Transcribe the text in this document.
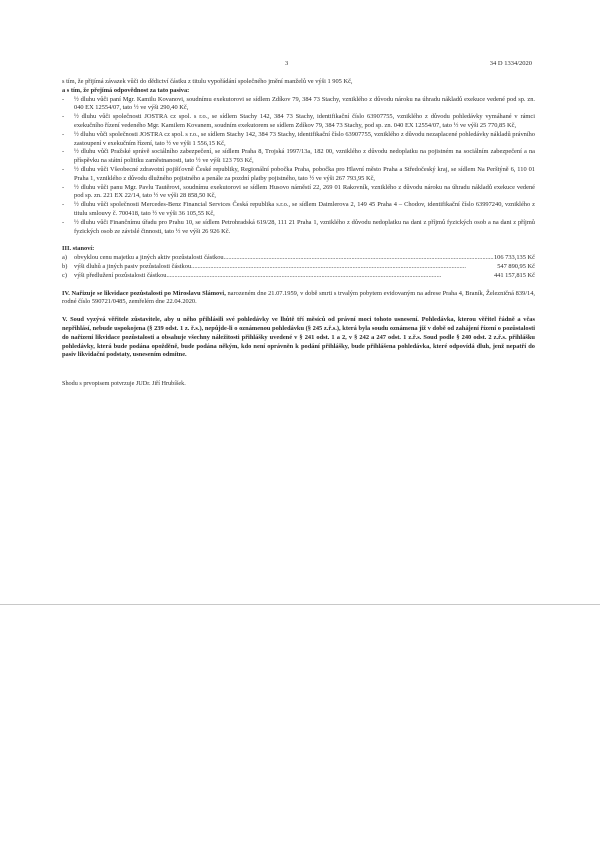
3	34 D 1334/2020

s tím, že přijímá závazek vůči do dědictví částku z titulu vypořádání společného jmění manželů ve výši 1 905 Kč,

a s tím, že přejímá odpovědnost za tato pasiva:

- ½ dluhu vůči paní Mgr. Kamilu Kovanovi, soudnímu exekutorovi se sídlem Zdíkov 79, 384 73 Stachy, vzniklého z důvodu nároku na úhradu nákladů exekuce vedené pod sp. zn. 040 EX 12554/07, tato ½ ve výši 290,40 Kč,
- ½ dluhu vůči společnosti JOSTRA cz spol. s r.o., se sídlem Stachy 142, 384 73 Stachy, identifikační číslo 63907755, vzniklého z důvodu pohledávky vymáhané v rámci exekučního řízení vedeného Mgr. Kamilem Kovanem, soudním exekutorem se sídlem Zdíkov 79, 384 73 Stachy, pod sp. zn. 040 EX 12554/07, tato ½ ve výši 25 770,85 Kč,
- ½ dluhu vůči společnosti JOSTRA cz spol. s r.o., se sídlem Stachy 142, 384 73 Stachy, identifikační číslo 63907755, vzniklého z důvodu nezaplacené pohledávky nákladů právního zastoupení v exekučním řízení, tato ½ ve výši 1 556,15 Kč,
- ½ dluhu vůči Pražské správě sociálního zabezpečení, se sídlem Praha 8, Trojská 1997/13a, 182 00, vzniklého z důvodu nedoplatku na pojistném na sociálním zabezpečení a na příspěvku na státní politiku zaměstnanosti, tato ½ ve výši 123 793 Kč,
- ½ dluhu vůči Všeobecné zdravotní pojišťovně České republiky, Regionální pobočka Praha, pobočka pro Hlavní město Praha a Středočeský kraj, se sídlem Na Perštýně 6, 110 01 Praha 1, vzniklého z důvodu dlužného pojistného a penále za pozdní platby pojistného, tato ½ ve výši 267 793,95 Kč,
- ½ dluhu vůči panu Mgr. Pavlu Tautěrovi, soudnímu exekutorovi se sídlem Husovo náměstí 22, 269 01 Rakovník, vzniklého z důvodu nároku na úhradu nákladů exekuce vedené pod sp. zn. 221 EX 22/14, tato ½ ve výši 28 858,50 Kč,
- ½ dluhu vůči společnosti Mercedes-Benz Financial Services Česká republika s.r.o., se sídlem Daimlerova 2, 149 45 Praha 4 – Chodov, identifikační číslo 63997240, vzniklého z titulu smlouvy č. 700418, tato ½ ve výši 36 105,55 Kč,
- ½ dluhu vůči Finančnímu úřadu pro Prahu 10, se sídlem Petrohradská 619/28, 111 21 Praha 1, vzniklého z důvodu nedoplatku na dani z příjmů fyzických osob a na dani z příjmů fyzických osob ze závislé činnosti, tato ½ ve výši 26 926 Kč.

III. stanoví:

a)	obvyklou cenu majetku a jiných aktiv pozůstalosti částkou .....	106 733,135 Kč
b)	výši dluhů a jiných pasiv pozůstalosti částkou .....	547 890,95 Kč
c)	výši předlužení pozůstalosti částkou .....	441 157,815 Kč

IV. Nařizuje se likvidace pozůstalosti po Miroslavu Slámovi, narozeném dne 21.07.1959, v době smrti s trvalým pobytem evidovaným na adrese Praha 4, Braník, Železničná 839/14, rodné číslo 590721/0485, zemřelém dne 22.04.2020.

V. Soud vyzývá věřitele zůstavitele, aby u něho přihlásili své pohledávky ve lhůtě tří měsíců od právní moci tohoto usnesení. Pohledávka, kterou věřitel řádně a včas nepřihlásí, nebude uspokojena (§ 239 odst. 1 z. ř.s.), nepůjde-li o oznámenou pohledávku (§ 245 z.ř.s.), která byla soudu oznámena již v době od zahájení řízení o pozůstalosti do nařízení likvidace pozůstalosti a obsahuje všechny náležitosti přihlášky uvedené v § 241 odst. 1 a 2, v § 242 a 247 odst. 1 z.ř.s. Soud podle § 240 odst. 2 z.ř.s. přihlášku pohledávky, která bude podána opožděně, bude podána někým, kdo není oprávněn k podání přihlášky, bude přihlášena pohledávka, které odpovídá dluh, jenž nepatří do pasiv likvidační podstaty, usnesením odmítne.

Shodu s prvopisem potvrzuje JUDr. Jiří Hrubíšek.
